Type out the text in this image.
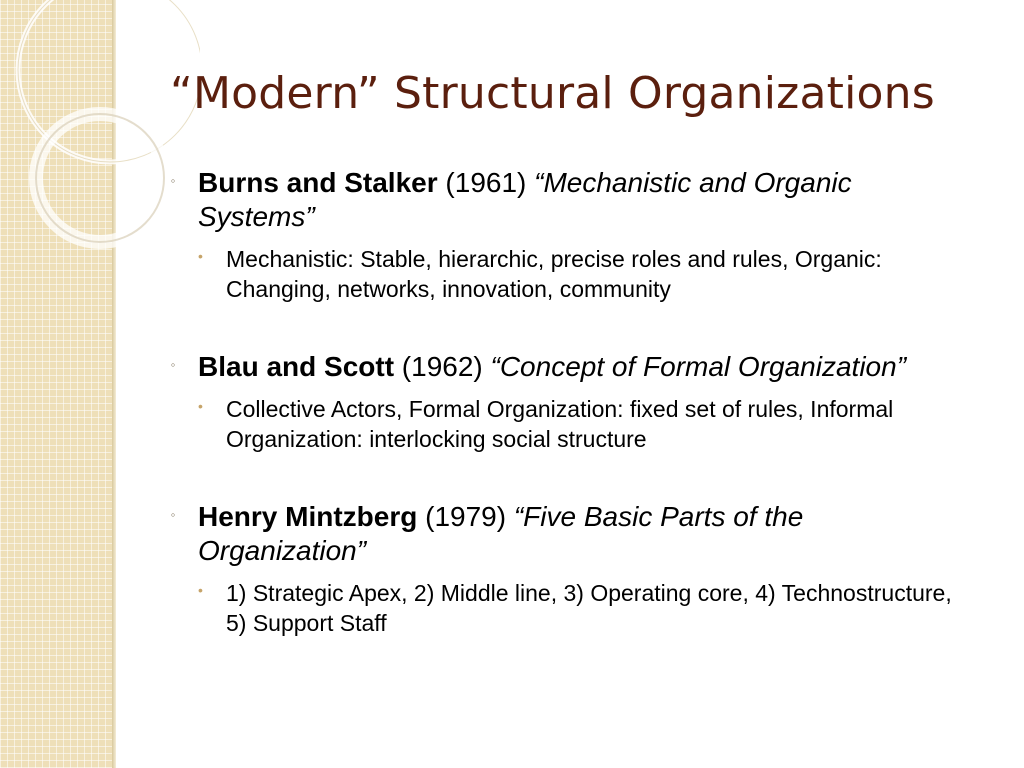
“Modern” Structural Organizations
◦ Burns and Stalker (1961) “Mechanistic and Organic Systems”
• Mechanistic: Stable, hierarchic, precise roles and rules, Organic: Changing, networks, innovation, community
◦ Blau and Scott (1962) “Concept of Formal Organization”
• Collective Actors, Formal Organization: fixed set of rules, Informal Organization: interlocking social structure
◦ Henry Mintzberg (1979) “Five Basic Parts of the Organization”
• 1) Strategic Apex, 2) Middle line, 3) Operating core, 4) Technostructure, 5) Support Staff
